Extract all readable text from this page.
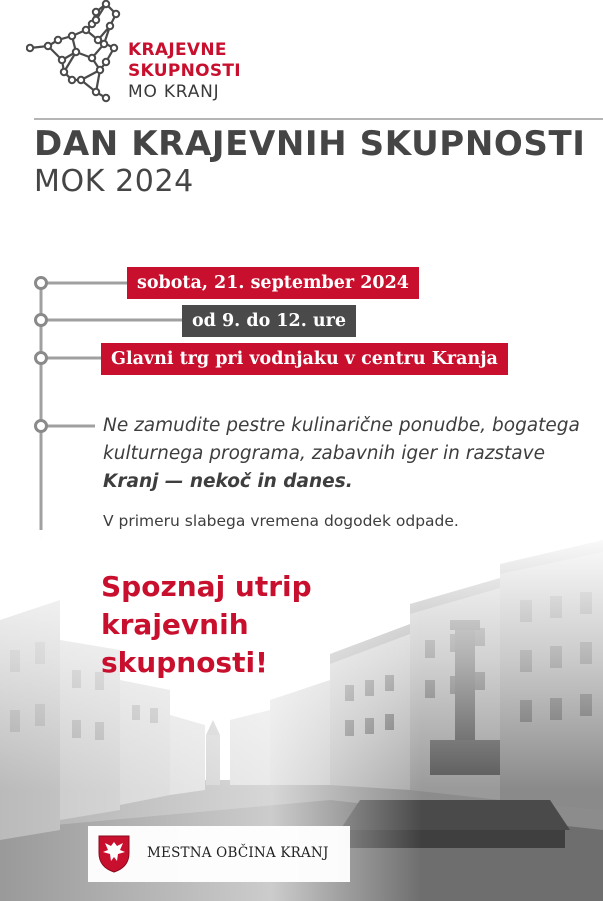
KRAJEVNE
SKUPNOSTI
MO KRANJ
DAN KRAJEVNIH SKUPNOSTI
MOK 2024
sobota, 21. september 2024
od 9. do 12. ure
Glavni trg pri vodnjaku v centru Kranja
Ne zamudite pestre kulinarične ponudbe, bogatega kulturnega programa, zabavnih iger in razstave Kranj — nekoč in danes.
V primeru slabega vremena dogodek odpade.
Spoznaj utrip krajevnih skupnosti!
MESTNA OBČINA KRANJ
